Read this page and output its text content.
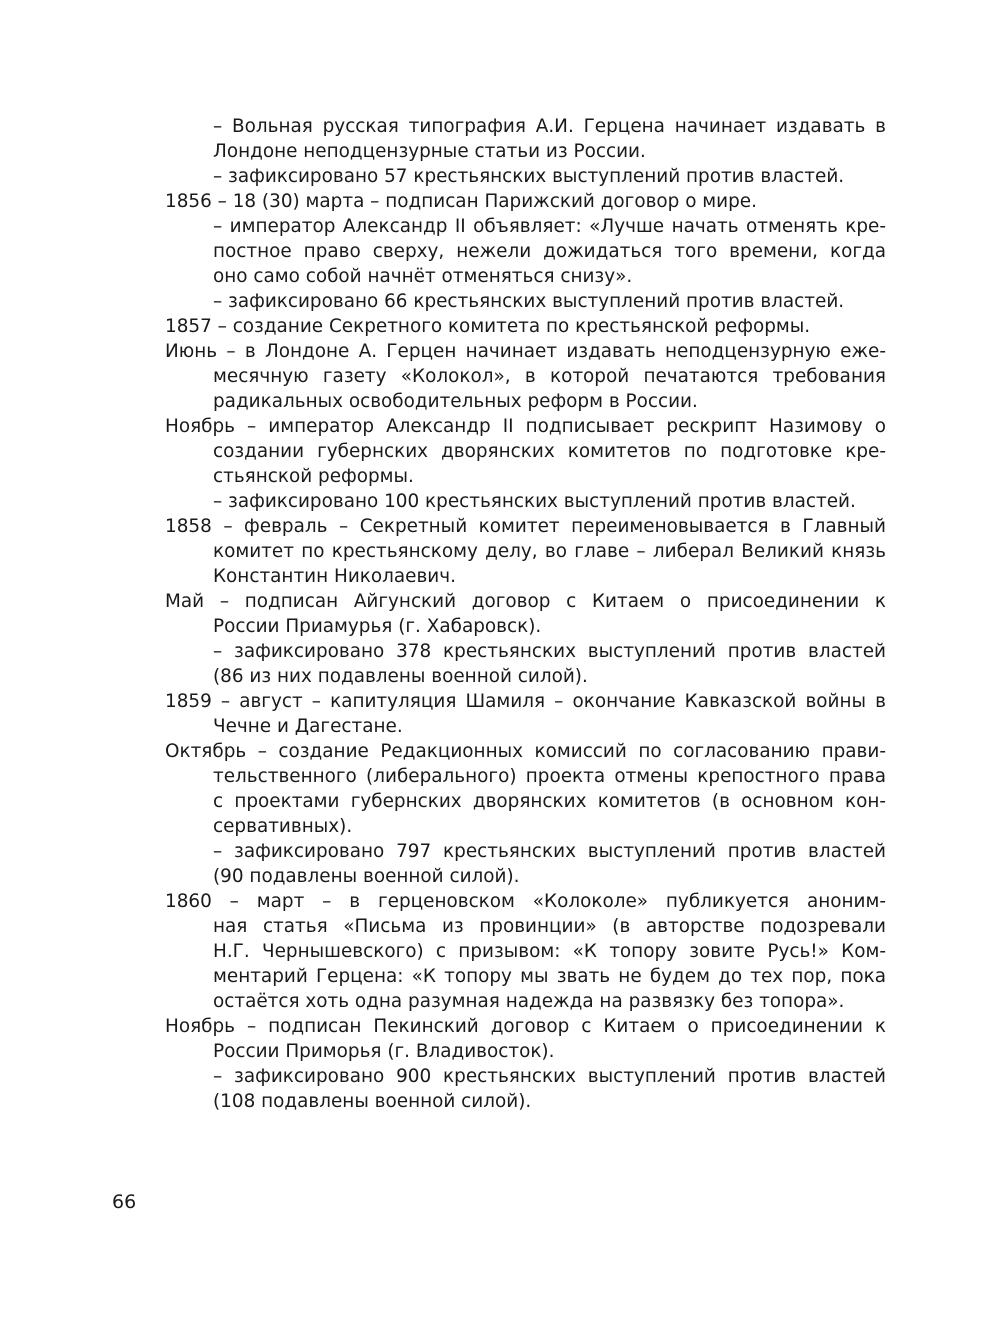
– Вольная русская типография А.И. Герцена начинает издавать в
Лондоне неподцензурные статьи из России.
– зафиксировано 57 крестьянских выступлений против властей.
1856 – 18 (30) марта – подписан Парижский договор о мире.
– император Александр II объявляет: «Лучше начать отменять кре-
постное право сверху, нежели дожидаться того времени, когда
оно само собой начнёт отменяться снизу».
– зафиксировано 66 крестьянских выступлений против властей.
1857 – создание Секретного комитета по крестьянской реформы.
Июнь – в Лондоне А. Герцен начинает издавать неподцензурную еже-
месячную газету «Колокол», в которой печатаются требования
радикальных освободительных реформ в России.
Ноябрь – император Александр II подписывает рескрипт Назимову о
создании губернских дворянских комитетов по подготовке кре-
стьянской реформы.
– зафиксировано 100 крестьянских выступлений против властей.
1858 – февраль – Секретный комитет переименовывается в Главный
комитет по крестьянскому делу, во главе – либерал Великий князь
Константин Николаевич.
Май – подписан Айгунский договор с Китаем о присоединении к
России Приамурья (г. Хабаровск).
– зафиксировано 378 крестьянских выступлений против властей
(86 из них подавлены военной силой).
1859 – август – капитуляция Шамиля – окончание Кавказской войны в
Чечне и Дагестане.
Октябрь – создание Редакционных комиссий по согласованию прави-
тельственного (либерального) проекта отмены крепостного права
с проектами губернских дворянских комитетов (в основном кон-
сервативных).
– зафиксировано 797 крестьянских выступлений против властей
(90 подавлены военной силой).
1860 – март – в герценовском «Колоколе» публикуется аноним-
ная статья «Письма из провинции» (в авторстве подозревали
Н.Г. Чернышевского) с призывом: «К топору зовите Русь!» Ком-
ментарий Герцена: «К топору мы звать не будем до тех пор, пока
остаётся хоть одна разумная надежда на развязку без топора».
Ноябрь – подписан Пекинский договор с Китаем о присоединении к
России Приморья (г. Владивосток).
– зафиксировано 900 крестьянских выступлений против властей
(108 подавлены военной силой).
66
